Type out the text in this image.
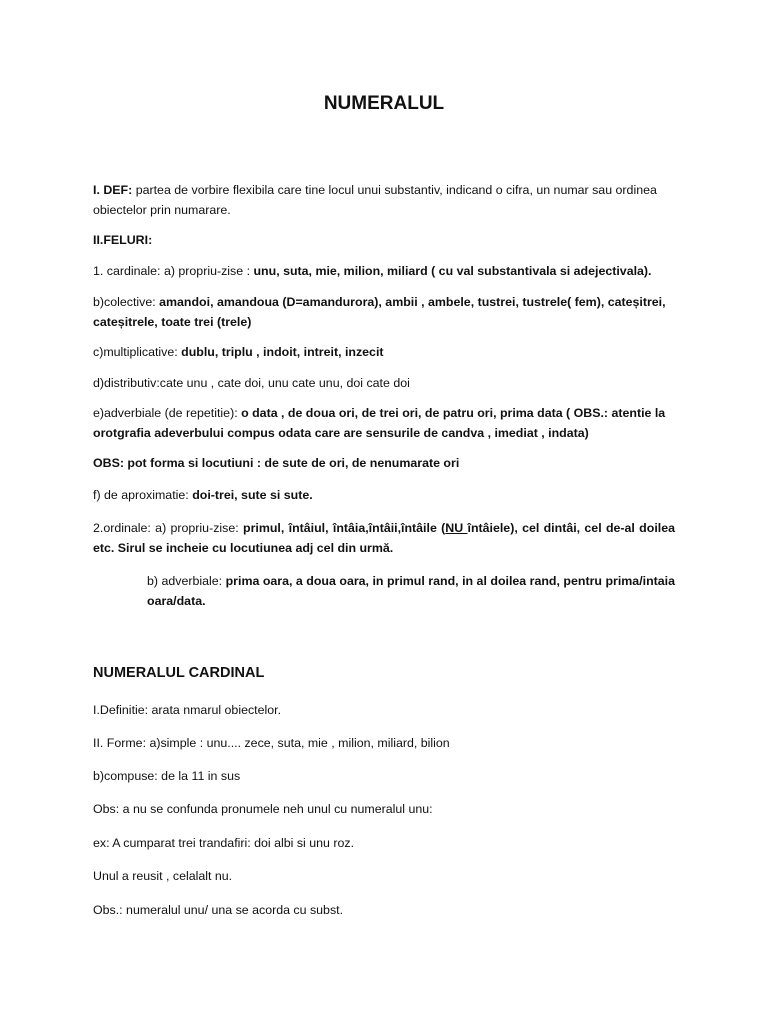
NUMERALUL

I. DEF: partea de vorbire flexibila care tine locul unui substantiv, indicand o cifra, un numar sau ordinea obiectelor prin numarare.

II.FELURI:

1. cardinale: a) propriu-zise : unu, suta, mie, milion, miliard ( cu val substantivala si adejectivala).

b)colective: amandoi, amandoua (D=amandurora), ambii , ambele, tustrei, tustrele( fem), cateșitrei, cateșitrele, toate trei (trele)

c)multiplicative: dublu, triplu , indoit, intreit, inzecit

d)distributiv:cate unu , cate doi, unu cate unu, doi cate doi

e)adverbiale (de repetitie): o data , de doua ori, de trei ori, de patru ori, prima data ( OBS.: atentie la orotgrafia adeverbului compus odata care are sensurile de candva , imediat , indata)

OBS: pot forma si locutiuni : de sute de ori, de nenumarate ori

f) de aproximatie: doi-trei, sute si sute.

2.ordinale: a) propriu-zise: primul, întâiul, întâia,întâii,întâile (NU întâiele), cel dintâi, cel de-al doilea etc. Sirul se incheie cu locutiunea adj cel din urmă.

b) adverbiale: prima oara, a doua oara, in primul rand, in al doilea rand, pentru prima/intaia oara/data.

NUMERALUL CARDINAL

I.Definitie: arata nmarul obiectelor.

II. Forme: a)simple : unu.... zece, suta, mie , milion, miliard, bilion

b)compuse: de la 11 in sus

Obs: a nu se confunda pronumele neh unul cu numeralul unu:

ex: A cumparat trei trandafiri: doi albi si unu roz.

Unul a reusit , celalalt nu.

Obs.: numeralul unu/ una se acorda cu subst.
